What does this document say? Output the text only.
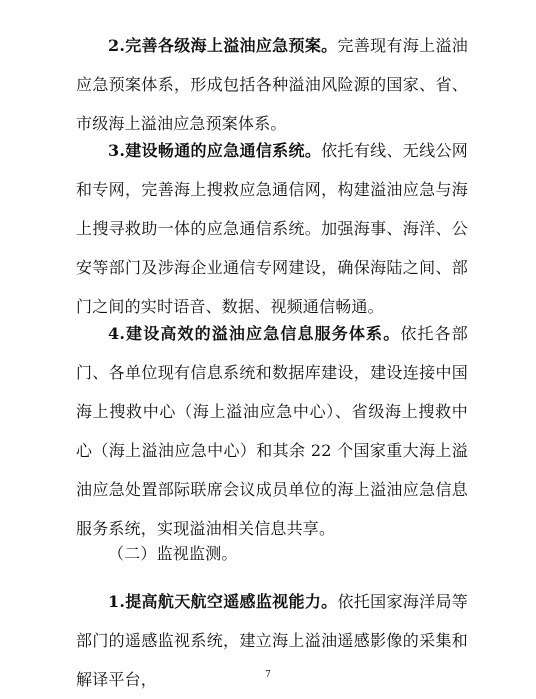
2.完善各级海上溢油应急预案。完善现有海上溢油应急预案体系，形成包括各种溢油风险源的国家、省、市级海上溢油应急预案体系。

3.建设畅通的应急通信系统。依托有线、无线公网和专网，完善海上搜救应急通信网，构建溢油应急与海上搜寻救助一体的应急通信系统。加强海事、海洋、公安等部门及涉海企业通信专网建设，确保海陆之间、部门之间的实时语音、数据、视频通信畅通。

4.建设高效的溢油应急信息服务体系。依托各部门、各单位现有信息系统和数据库建设，建设连接中国海上搜救中心（海上溢油应急中心）、省级海上搜救中心（海上溢油应急中心）和其余 22 个国家重大海上溢油应急处置部际联席会议成员单位的海上溢油应急信息服务系统，实现溢油相关信息共享。

（二）监视监测。

1.提高航天航空遥感监视能力。依托国家海洋局等部门的遥感监视系统，建立海上溢油遥感影像的采集和解译平台，	7
